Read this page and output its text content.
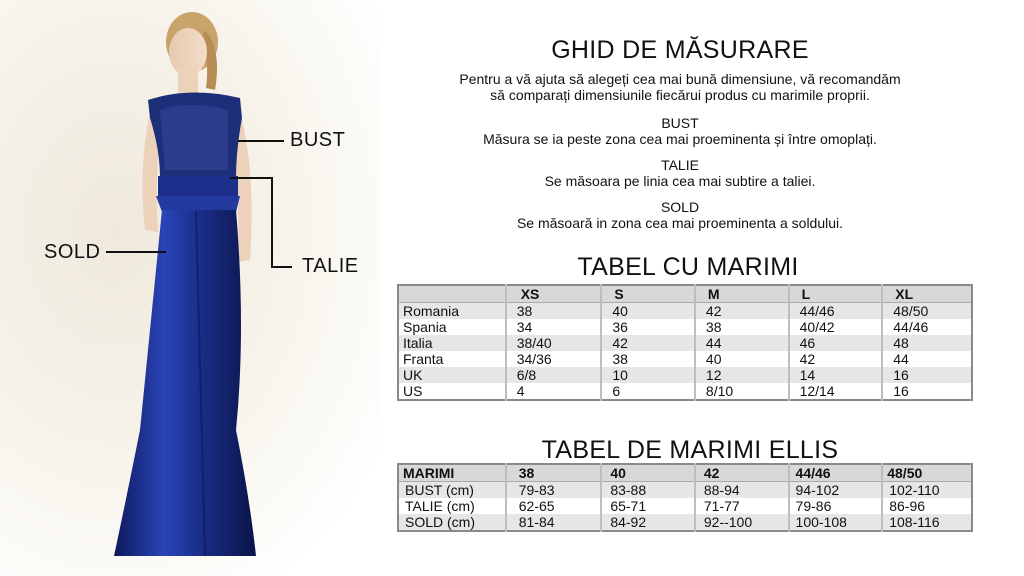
BUST
TALIE
SOLD
GHID DE MĂSURARE
Pentru a vă ajuta să alegeți cea mai bună dimensiune, vă recomandăm
să comparați dimensiunile fiecărui produs cu marimile proprii.
BUST
Măsura se ia peste zona cea mai proeminenta și între omoplați.
TALIE
Se măsoara pe linia cea mai subtire a taliei.
SOLD
Se măsoară in zona cea mai proeminenta a soldului.
TABEL CU MARIMI
	XS	S	M	L	XL
Romania	38	40	42	44/46	48/50
Spania	34	36	38	40/42	44/46
Italia	38/40	42	44	46	48
Franta	34/36	38	40	42	44
UK	6/8	10	12	14	16
US	4	6	8/10	12/14	16
TABEL DE MARIMI ELLIS
MARIMI	38	40	42	44/46	48/50
BUST (cm)	79-83	83-88	88-94	94-102	102-110
TALIE (cm)	62-65	65-71	71-77	79-86	86-96
SOLD (cm)	81-84	84-92	92--100	100-108	108-116
